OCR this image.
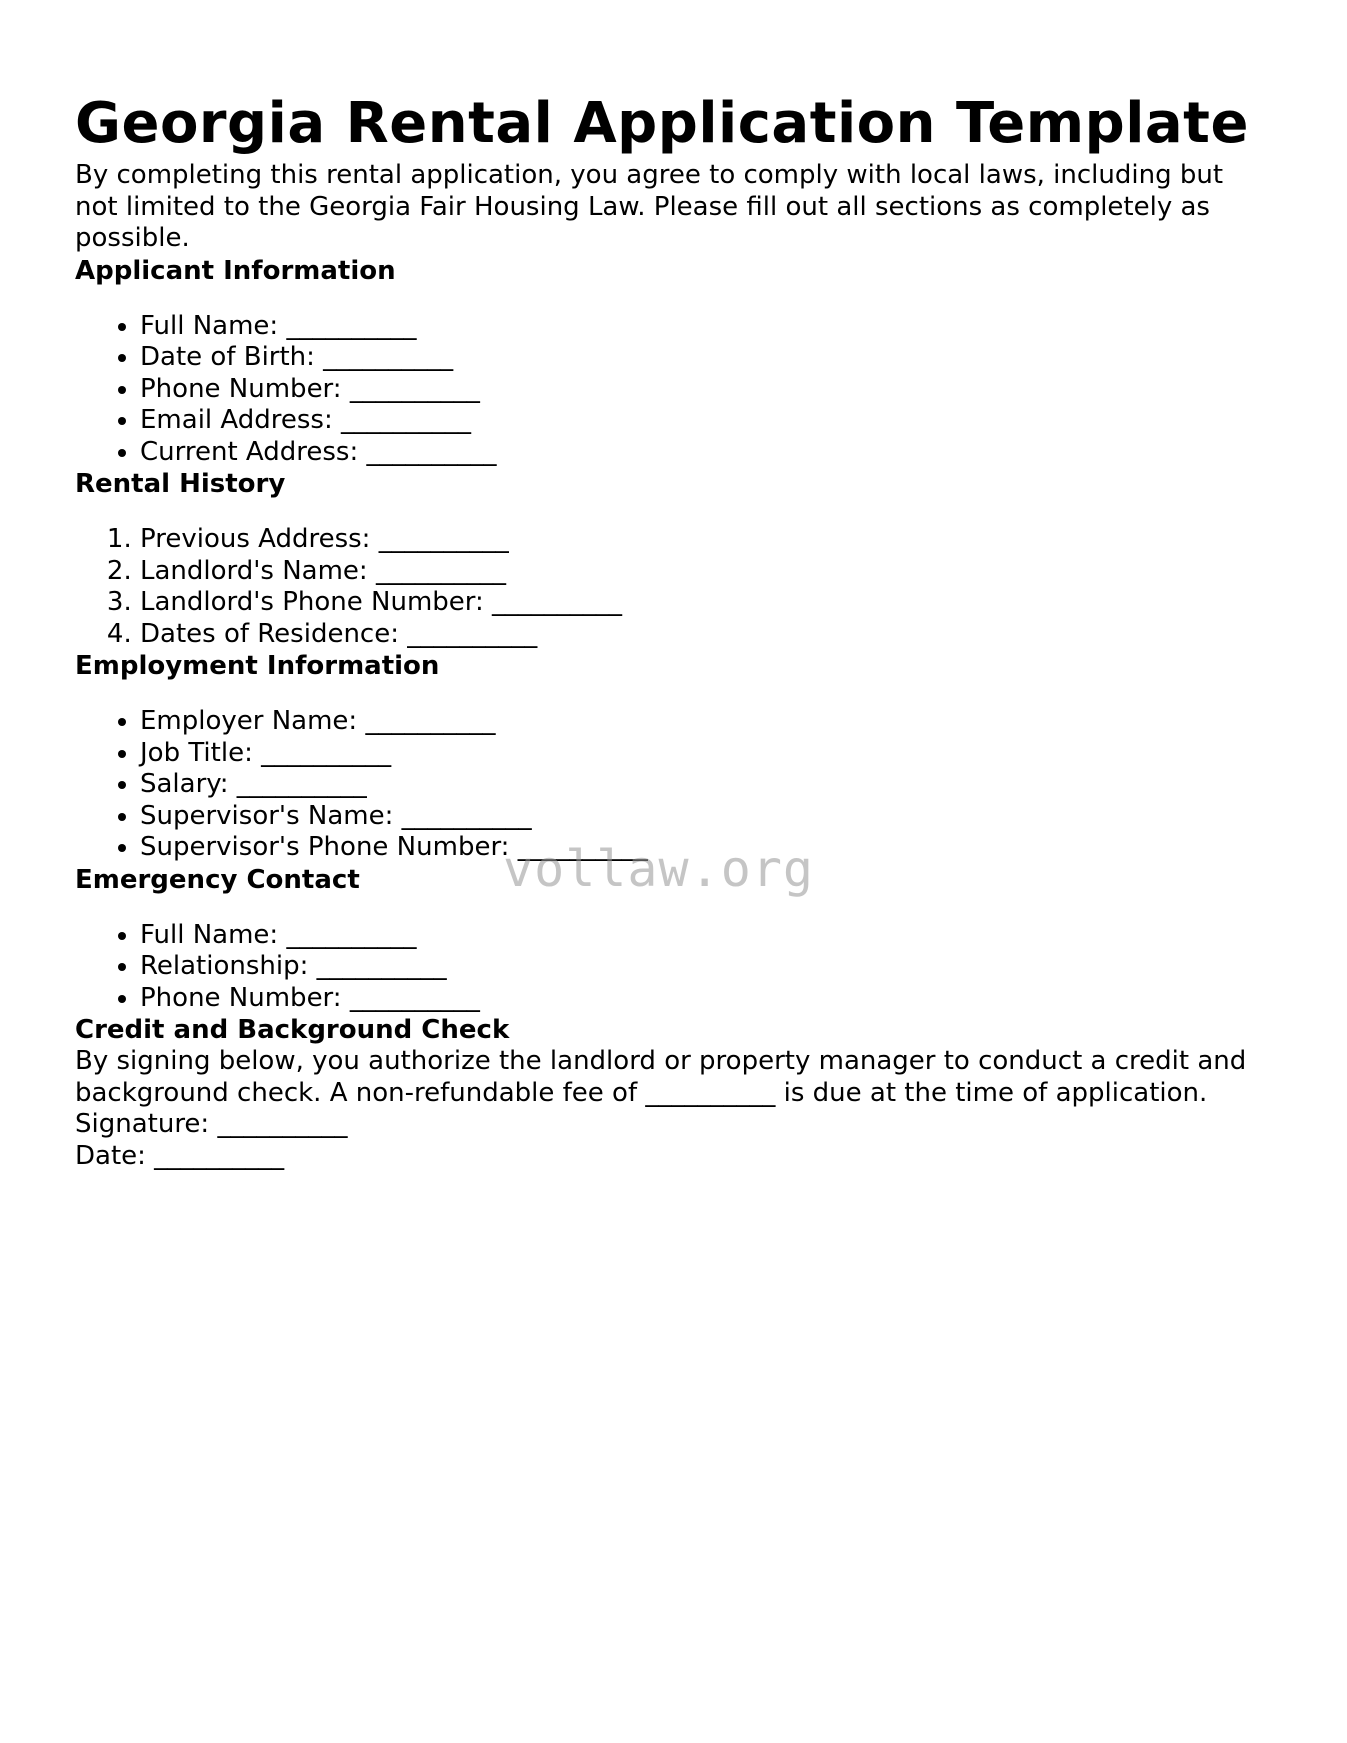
Georgia Rental Application Template

By completing this rental application, you agree to comply with local laws, including but not limited to the Georgia Fair Housing Law. Please fill out all sections as completely as possible.

Applicant Information
• Full Name: __________
• Date of Birth: __________
• Phone Number: __________
• Email Address: __________
• Current Address: __________
Rental History
1. Previous Address: __________
2. Landlord's Name: __________
3. Landlord's Phone Number: __________
4. Dates of Residence: __________
Employment Information
• Employer Name: __________
• Job Title: __________
• Salary: __________
• Supervisor's Name: __________
• Supervisor's Phone Number: __________
Emergency Contact
• Full Name: __________
• Relationship: __________
• Phone Number: __________
Credit and Background Check

By signing below, you authorize the landlord or property manager to conduct a credit and background check. A non-refundable fee of __________ is due at the time of application.

Signature: __________

Date: __________

vollaw.org
